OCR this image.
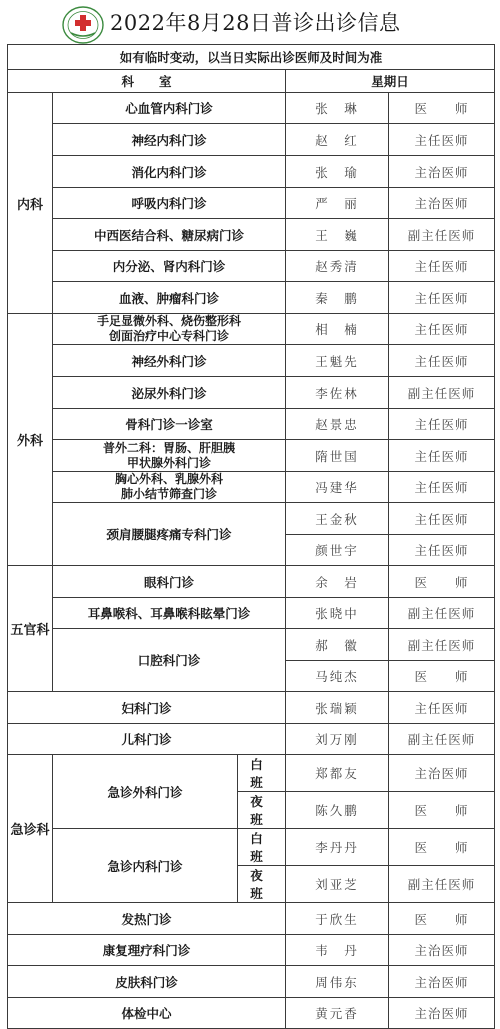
2022年8月28日普诊出诊信息
如有临时变动，以当日实际出诊医师及时间为准				
科　　室			星期日	
内科	心血管内科门诊		张　琳	医　　师
	神经内科门诊		赵　红	主任医师
	消化内科门诊		张　瑜	主治医师
	呼吸内科门诊		严　丽	主治医师
	中西医结合科、糖尿病门诊		王　巍	副主任医师
	内分泌、肾内科门诊		赵秀清	主任医师
	血液、肿瘤科门诊		秦　鹏	主任医师
外科	手足显微外科、烧伤整形科
创面治疗中心专科门诊		相　楠	主任医师
	神经外科门诊		王魁先	主任医师
	泌尿外科门诊		李佐林	副主任医师
	骨科门诊一诊室		赵景忠	主任医师

	普外二科：胃肠、肝胆胰
甲状腺外科门诊		隋世国	主任医师

	胸心外科、乳腺外科
肺小结节筛查门诊		冯建华	主任医师
	颈肩腰腿疼痛专科门诊		王金秋	主任医师
			颜世宇	主任医师
五官科	眼科门诊		余　岩	医　　师
	耳鼻喉科、耳鼻喉科眩晕门诊		张晓中	副主任医师
	口腔科门诊		郝　徽	副主任医师
			马纯杰	医　　师
妇科门诊			张瑞颖	主任医师
儿科门诊			刘万刚	副主任医师
急诊科	急诊外科门诊	白　班	郑都友	主治医师
		夜　班	陈久鹏	医　　师
	急诊内科门诊	白　班	李丹丹	医　　师
		夜　班	刘亚芝	副主任医师
发热门诊			于欣生	医　　师
康复理疗科门诊			韦　丹	主治医师
皮肤科门诊			周伟东	主治医师
体检中心			黄元香	主治医师
